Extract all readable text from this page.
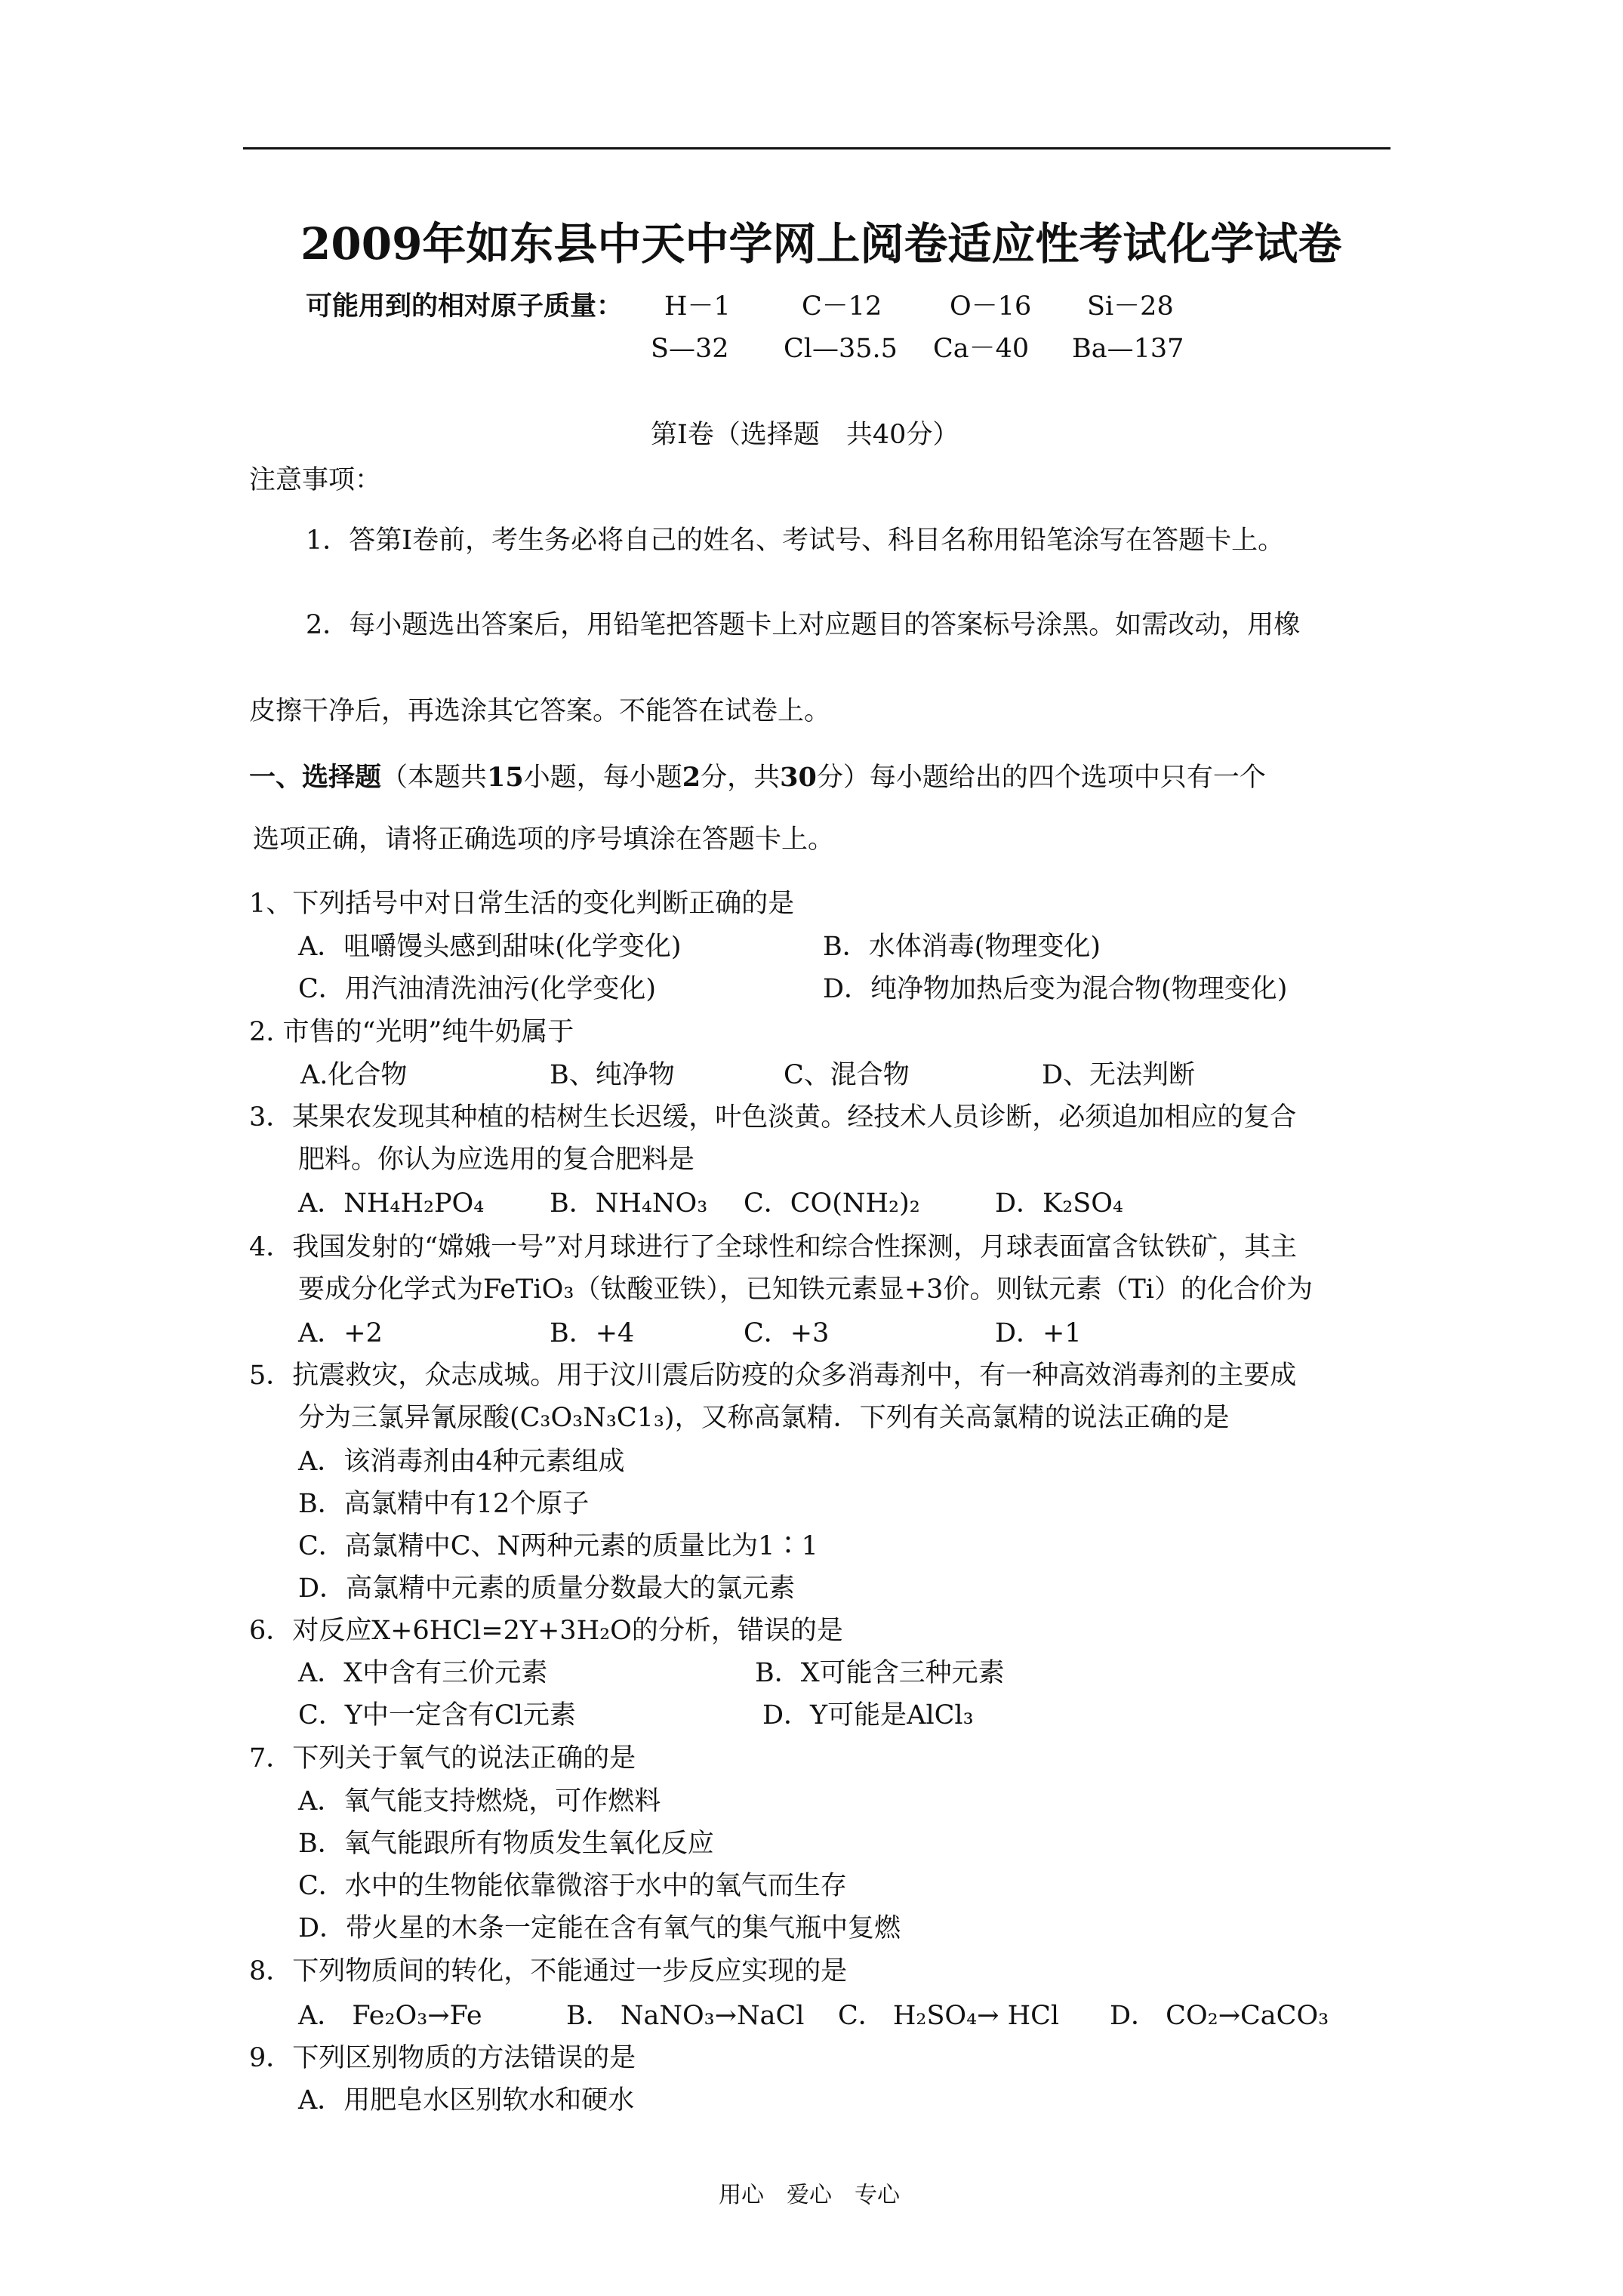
2009年如东县中天中学网上阅卷适应性考试化学试卷
可能用到的相对原子质量： H－1	C－12	O－16 Si－28
S—32 Cl—35.5 Ca－40 Ba—137
第Ⅰ卷（选择题　共40分）
注意事项：
1．答第Ⅰ卷前，考生务必将自己的姓名、考试号、科目名称用铅笔涂写在答题卡上。
2．每小题选出答案后，用铅笔把答题卡上对应题目的答案标号涂黑。如需改动，用橡
皮擦干净后，再选涂其它答案。不能答在试卷上。
一、选择题（本题共15小题，每小题2分，共30分）每小题给出的四个选项中只有一个
选项正确，请将正确选项的序号填涂在答题卡上。
1、下列括号中对日常生活的变化判断正确的是
A．咀嚼馒头感到甜味(化学变化)	B．水体消毒(物理变化)
C．用汽油清洗油污(化学变化)	D．纯净物加热后变为混合物(物理变化)
2. 市售的“光明”纯牛奶属于
A.化合物	B、纯净物	C、混合物	D、无法判断
3．某果农发现其种植的桔树生长迟缓，叶色淡黄。经技术人员诊断，必须追加相应的复合
肥料。你认为应选用的复合肥料是
A．NH₄H₂PO₄ B．NH₄NO₃ C．CO(NH₂)₂	D．K₂SO₄
4．我国发射的“嫦娥一号”对月球进行了全球性和综合性探测，月球表面富含钛铁矿，其主
要成分化学式为FeTiO₃（钛酸亚铁），已知铁元素显+3价。则钛元素（Ti）的化合价为
A．+2	B．+4	C．+3	D．+1
5．抗震救灾，众志成城。用于汶川震后防疫的众多消毒剂中，有一种高效消毒剂的主要成
分为三氯异氰尿酸(C₃O₃N₃C1₃)，又称高氯精．下列有关高氯精的说法正确的是
A．该消毒剂由4种元素组成
B．高氯精中有12个原子
C．高氯精中C、N两种元素的质量比为1∶1
D．高氯精中元素的质量分数最大的氯元素
6．对反应X+6HCl=2Y+3H₂O的分析，错误的是
A．X中含有三价元素	B．X可能含三种元素
C．Y中一定含有Cl元素	D．Y可能是AlCl₃
7．下列关于氧气的说法正确的是
A．氧气能支持燃烧，可作燃料
B．氧气能跟所有物质发生氧化反应
C．水中的生物能依靠微溶于水中的氧气而生存
D．带火星的木条一定能在含有氧气的集气瓶中复燃
8．下列物质间的转化，不能通过一步反应实现的是
A． Fe₂O₃→Fe	B． NaNO₃→NaCl C． H₂SO₄→ HCl D． CO₂→CaCO₃
9．下列区别物质的方法错误的是
A．用肥皂水区别软水和硬水
用心　爱心　专心
